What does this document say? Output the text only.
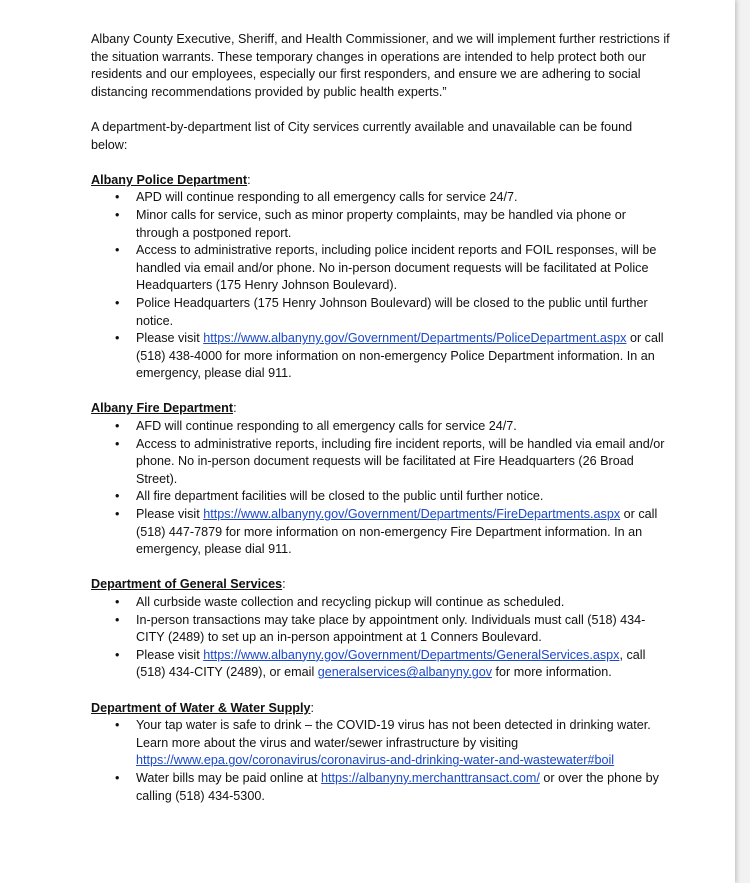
Albany County Executive, Sheriff, and Health Commissioner, and we will implement further restrictions if the situation warrants. These temporary changes in operations are intended to help protect both our residents and our employees, especially our first responders, and ensure we are adhering to social distancing recommendations provided by public health experts.”

A department-by-department list of City services currently available and unavailable can be found below:

Albany Police Department:

• APD will continue responding to all emergency calls for service 24/7.
• Minor calls for service, such as minor property complaints, may be handled via phone or through a postponed report.
• Access to administrative reports, including police incident reports and FOIL responses, will be handled via email and/or phone. No in-person document requests will be facilitated at Police Headquarters (175 Henry Johnson Boulevard).
• Police Headquarters (175 Henry Johnson Boulevard) will be closed to the public until further notice.
• Please visit https://www.albanyny.gov/Government/Departments/PoliceDepartment.aspx or call (518) 438-4000 for more information on non-emergency Police Department information. In an emergency, please dial 911.

Albany Fire Department:

• AFD will continue responding to all emergency calls for service 24/7.
• Access to administrative reports, including fire incident reports, will be handled via email and/or phone. No in-person document requests will be facilitated at Fire Headquarters (26 Broad Street).
• All fire department facilities will be closed to the public until further notice.
• Please visit https://www.albanyny.gov/Government/Departments/FireDepartments.aspx or call (518) 447-7879 for more information on non-emergency Fire Department information. In an emergency, please dial 911.

Department of General Services:

• All curbside waste collection and recycling pickup will continue as scheduled.
• In-person transactions may take place by appointment only. Individuals must call (518) 434-CITY (2489) to set up an in-person appointment at 1 Conners Boulevard.
• Please visit https://www.albanyny.gov/Government/Departments/GeneralServices.aspx, call (518) 434-CITY (2489), or email generalservices@albanyny.gov for more information.

Department of Water & Water Supply:

• Your tap water is safe to drink – the COVID-19 virus has not been detected in drinking water. Learn more about the virus and water/sewer infrastructure by visiting https://www.epa.gov/coronavirus/coronavirus-and-drinking-water-and-wastewater#boil
• Water bills may be paid online at https://albanyny.merchanttransact.com/ or over the phone by calling (518) 434-5300.
